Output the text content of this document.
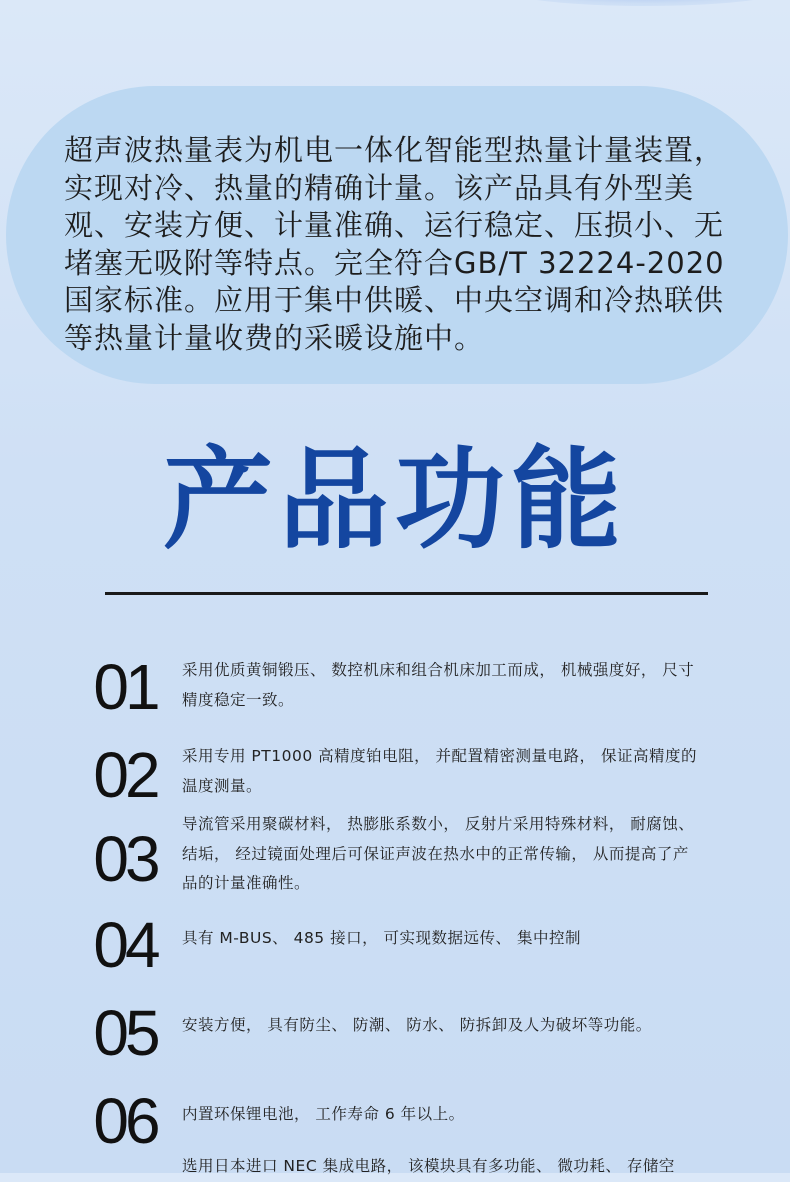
超声波热量表为机电一体化智能型热量计量装置，实现对冷、热量的精确计量。该产品具有外型美观、安装方便、计量准确、运行稳定、压损小、无堵塞无吸附等特点。完全符合GB/T 32224-2020国家标准。应用于集中供暖、中央空调和冷热联供等热量计量收费的采暖设施中。

产品功能
01	采用优质黄铜锻压、 数控机床和组合机床加工而成， 机械强度好， 尺寸精度稳定一致。

02	采用专用 PT1000 高精度铂电阻， 并配置精密测量电路， 保证高精度的温度测量。

03	导流管采用聚碳材料， 热膨胀系数小， 反射片采用特殊材料， 耐腐蚀、 结垢， 经过镜面处理后可保证声波在热水中的正常传输， 从而提高了产品的计量准确性。

04	具有 M-BUS、 485 接口， 可实现数据远传、 集中控制

05	安装方便， 具有防尘、 防潮、 防水、 防拆卸及人为破坏等功能。

06	内置环保锂电池， 工作寿命 6 年以上。

选用日本进口 NEC 集成电路， 该模块具有多功能、 微功耗、 存储空
